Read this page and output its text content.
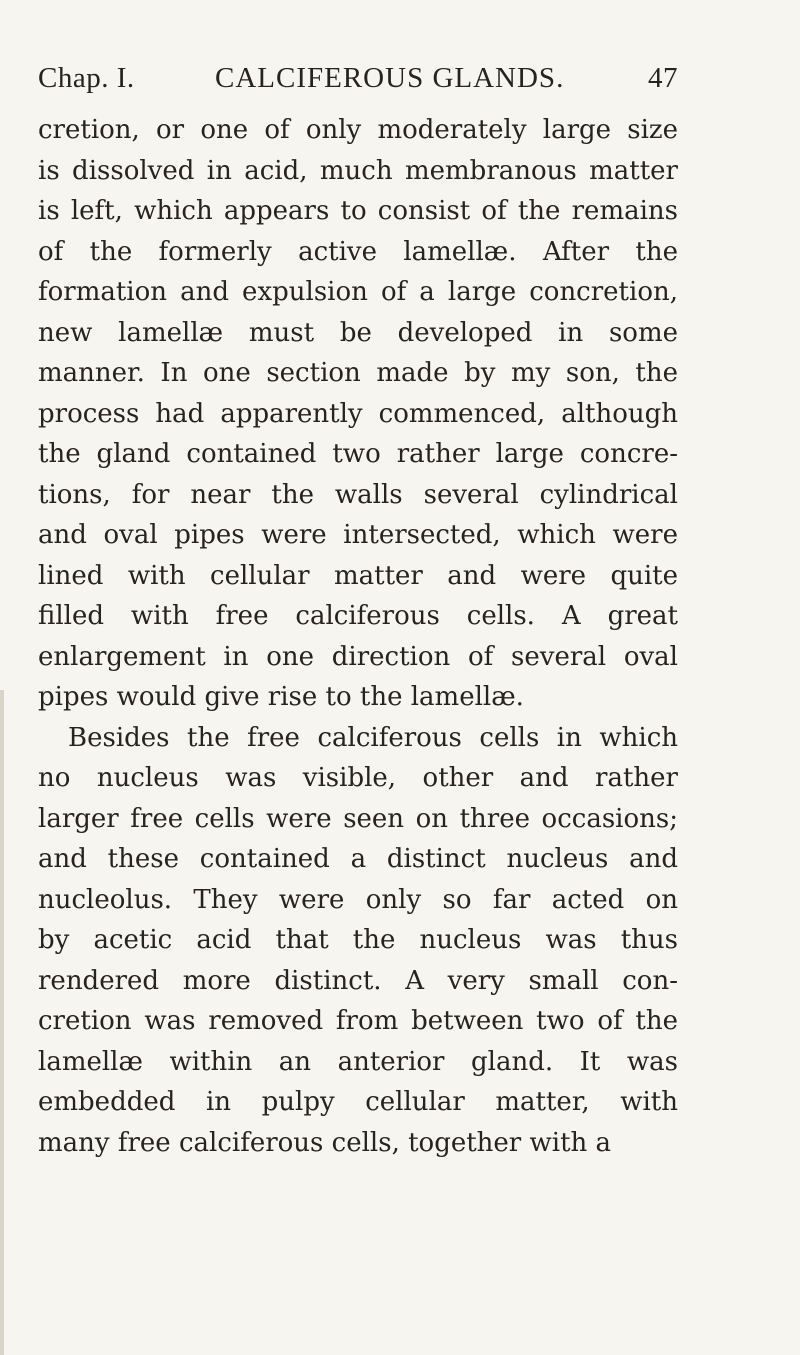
Chap. I.	CALCIFEROUS GLANDS.	47
cretion, or one of only moderately large size
is dissolved in acid, much membranous matter
is left, which appears to consist of the remains
of the formerly active lamellæ. After the
formation and expulsion of a large concretion,
new lamellæ must be developed in some
manner. In one section made by my son, the
process had apparently commenced, although
the gland contained two rather large concre-
tions, for near the walls several cylindrical
and oval pipes were intersected, which were
lined with cellular matter and were quite
filled with free calciferous cells. A great
enlargement in one direction of several oval
pipes would give rise to the lamellæ.
Besides the free calciferous cells in which
no nucleus was visible, other and rather
larger free cells were seen on three occasions;
and these contained a distinct nucleus and
nucleolus. They were only so far acted on
by acetic acid that the nucleus was thus
rendered more distinct. A very small con-
cretion was removed from between two of the
lamellæ within an anterior gland. It was
embedded in pulpy cellular matter, with
many free calciferous cells, together with a
